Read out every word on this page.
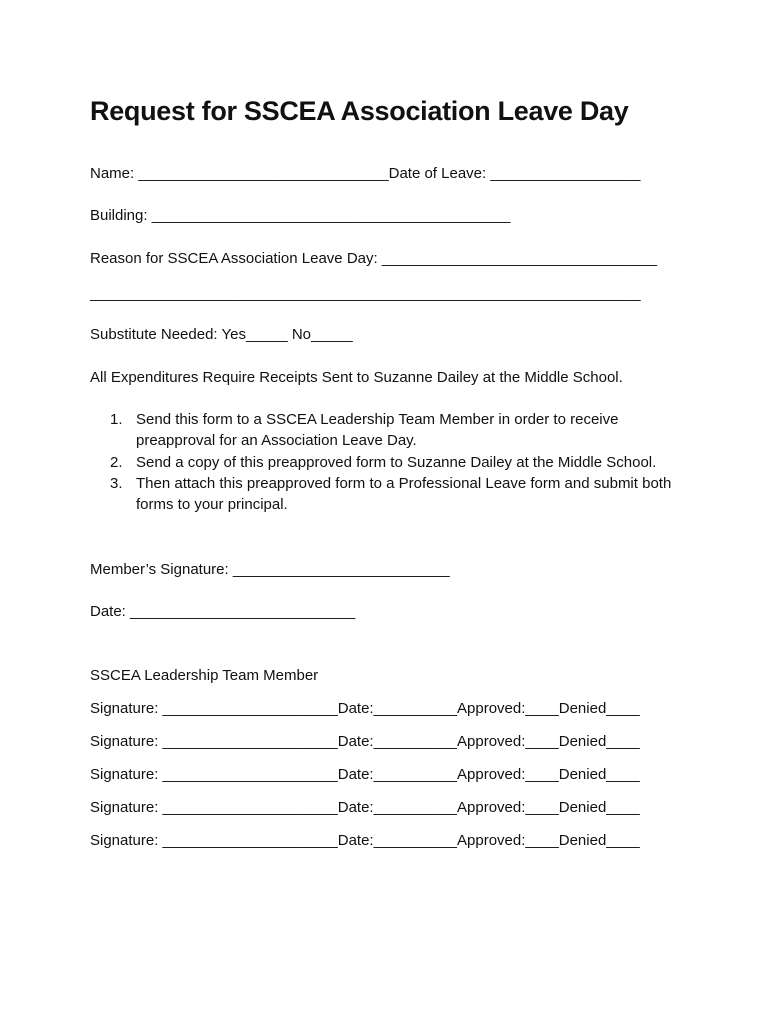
Request for SSCEA Association Leave Day

Name: ______________________________Date of Leave: __________________

Building: ___________________________________________

Reason for SSCEA Association Leave Day: _________________________________

__________________________________________________________________

Substitute Needed: Yes_____ No_____

All Expenditures Require Receipts Sent to Suzanne Dailey at the Middle School.

1. Send this form to a SSCEA Leadership Team Member in order to receive preapproval for an Association Leave Day.
2. Send a copy of this preapproved form to Suzanne Dailey at the Middle School.
3. Then attach this preapproved form to a Professional Leave form and submit both forms to your principal.

Member’s Signature: __________________________

Date: ___________________________

SSCEA Leadership Team Member

Signature: _____________________Date:__________Approved:____Denied____

Signature: _____________________Date:__________Approved:____Denied____

Signature: _____________________Date:__________Approved:____Denied____

Signature: _____________________Date:__________Approved:____Denied____

Signature: _____________________Date:__________Approved:____Denied____
